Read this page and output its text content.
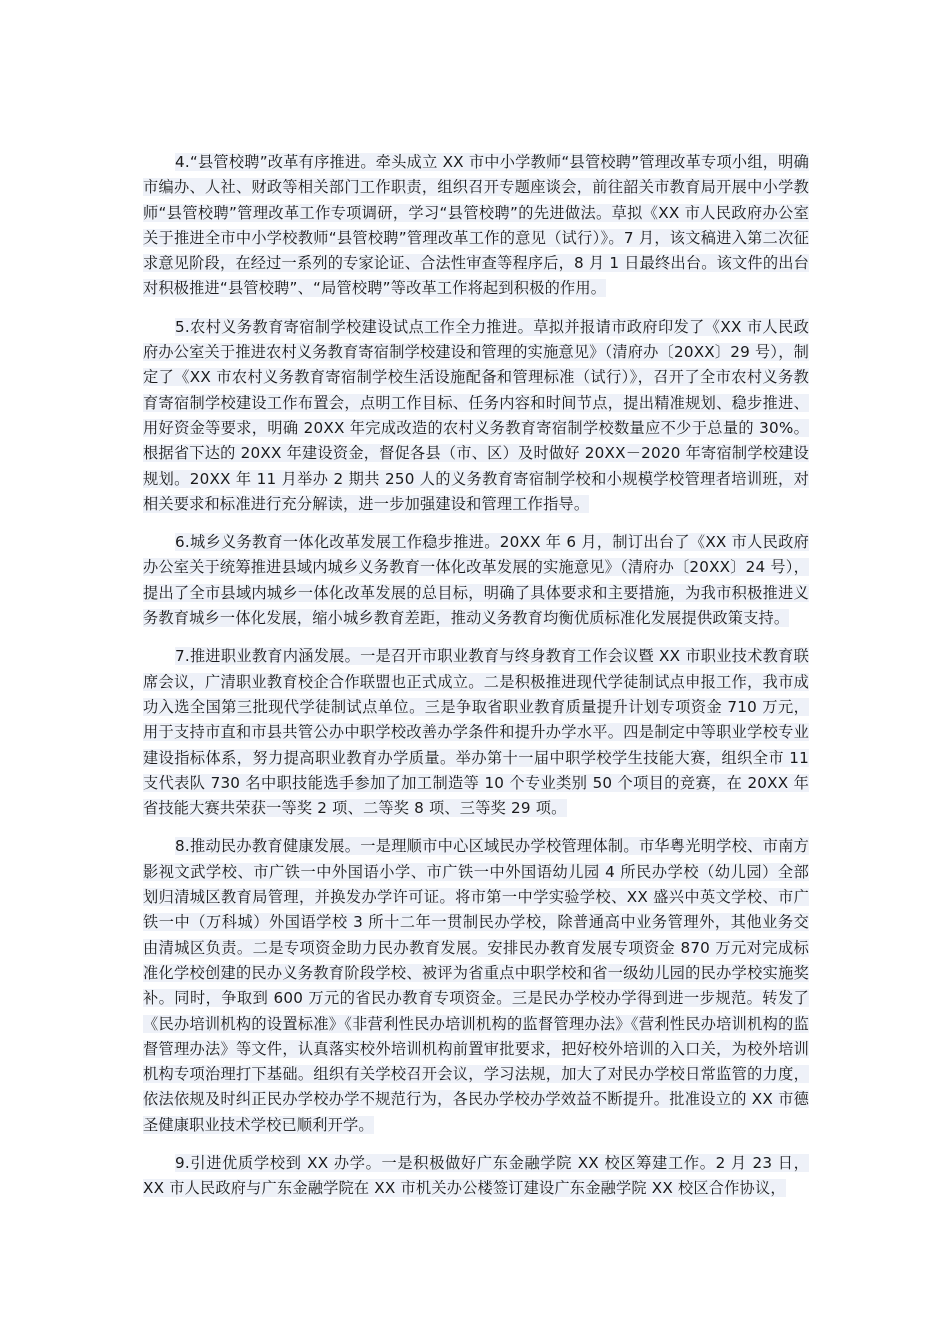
4.“县管校聘”改革有序推进。牵头成立 XX 市中小学教师“县管校聘”管理改革专项小组，明确市编办、人社、财政等相关部门工作职责，组织召开专题座谈会，前往韶关市教育局开展中小学教师“县管校聘”管理改革工作专项调研，学习“县管校聘”的先进做法。草拟《XX 市人民政府办公室关于推进全市中小学校教师“县管校聘”管理改革工作的意见（试行）》。7 月，该文稿进入第二次征求意见阶段，在经过一系列的专家论证、合法性审查等程序后，8 月 1 日最终出台。该文件的出台对积极推进“县管校聘”、“局管校聘”等改革工作将起到积极的作用。

5.农村义务教育寄宿制学校建设试点工作全力推进。草拟并报请市政府印发了《XX 市人民政府办公室关于推进农村义务教育寄宿制学校建设和管理的实施意见》（清府办〔20XX〕29 号），制定了《XX 市农村义务教育寄宿制学校生活设施配备和管理标准（试行）》，召开了全市农村义务教育寄宿制学校建设工作布置会，点明工作目标、任务内容和时间节点，提出精准规划、稳步推进、用好资金等要求，明确 20XX 年完成改造的农村义务教育寄宿制学校数量应不少于总量的 30%。根据省下达的 20XX 年建设资金，督促各县（市、区）及时做好 20XX－2020 年寄宿制学校建设规划。20XX 年 11 月举办 2 期共 250 人的义务教育寄宿制学校和小规模学校管理者培训班，对相关要求和标准进行充分解读，进一步加强建设和管理工作指导。

6.城乡义务教育一体化改革发展工作稳步推进。20XX 年 6 月，制订出台了《XX 市人民政府办公室关于统筹推进县域内城乡义务教育一体化改革发展的实施意见》（清府办〔20XX〕24 号），提出了全市县域内城乡一体化改革发展的总目标，明确了具体要求和主要措施，为我市积极推进义务教育城乡一体化发展，缩小城乡教育差距，推动义务教育均衡优质标准化发展提供政策支持。

7.推进职业教育内涵发展。一是召开市职业教育与终身教育工作会议暨 XX 市职业技术教育联席会议，广清职业教育校企合作联盟也正式成立。二是积极推进现代学徒制试点申报工作，我市成功入选全国第三批现代学徒制试点单位。三是争取省职业教育质量提升计划专项资金 710 万元，用于支持市直和市县共管公办中职学校改善办学条件和提升办学水平。四是制定中等职业学校专业建设指标体系，努力提高职业教育办学质量。举办第十一届中职学校学生技能大赛，组织全市 11 支代表队 730 名中职技能选手参加了加工制造等 10 个专业类别 50 个项目的竞赛，在 20XX 年省技能大赛共荣获一等奖 2 项、二等奖 8 项、三等奖 29 项。

8.推动民办教育健康发展。一是理顺市中心区域民办学校管理体制。市华粤光明学校、市南方影视文武学校、市广铁一中外国语小学、市广铁一中外国语幼儿园 4 所民办学校（幼儿园）全部划归清城区教育局管理，并换发办学许可证。将市第一中学实验学校、XX 盛兴中英文学校、市广铁一中（万科城）外国语学校 3 所十二年一贯制民办学校，除普通高中业务管理外，其他业务交由清城区负责。二是专项资金助力民办教育发展。安排民办教育发展专项资金 870 万元对完成标准化学校创建的民办义务教育阶段学校、被评为省重点中职学校和省一级幼儿园的民办学校实施奖补。同时，争取到 600 万元的省民办教育专项资金。三是民办学校办学得到进一步规范。转发了《民办培训机构的设置标准》《非营利性民办培训机构的监督管理办法》《营利性民办培训机构的监督管理办法》等文件，认真落实校外培训机构前置审批要求，把好校外培训的入口关，为校外培训机构专项治理打下基础。组织有关学校召开会议，学习法规，加大了对民办学校日常监管的力度，依法依规及时纠正民办学校办学不规范行为，各民办学校办学效益不断提升。批准设立的 XX 市德圣健康职业技术学校已顺利开学。

9.引进优质学校到 XX 办学。一是积极做好广东金融学院 XX 校区筹建工作。2 月 23 日，XX 市人民政府与广东金融学院在 XX 市机关办公楼签订建设广东金融学院 XX 校区合作协议，
